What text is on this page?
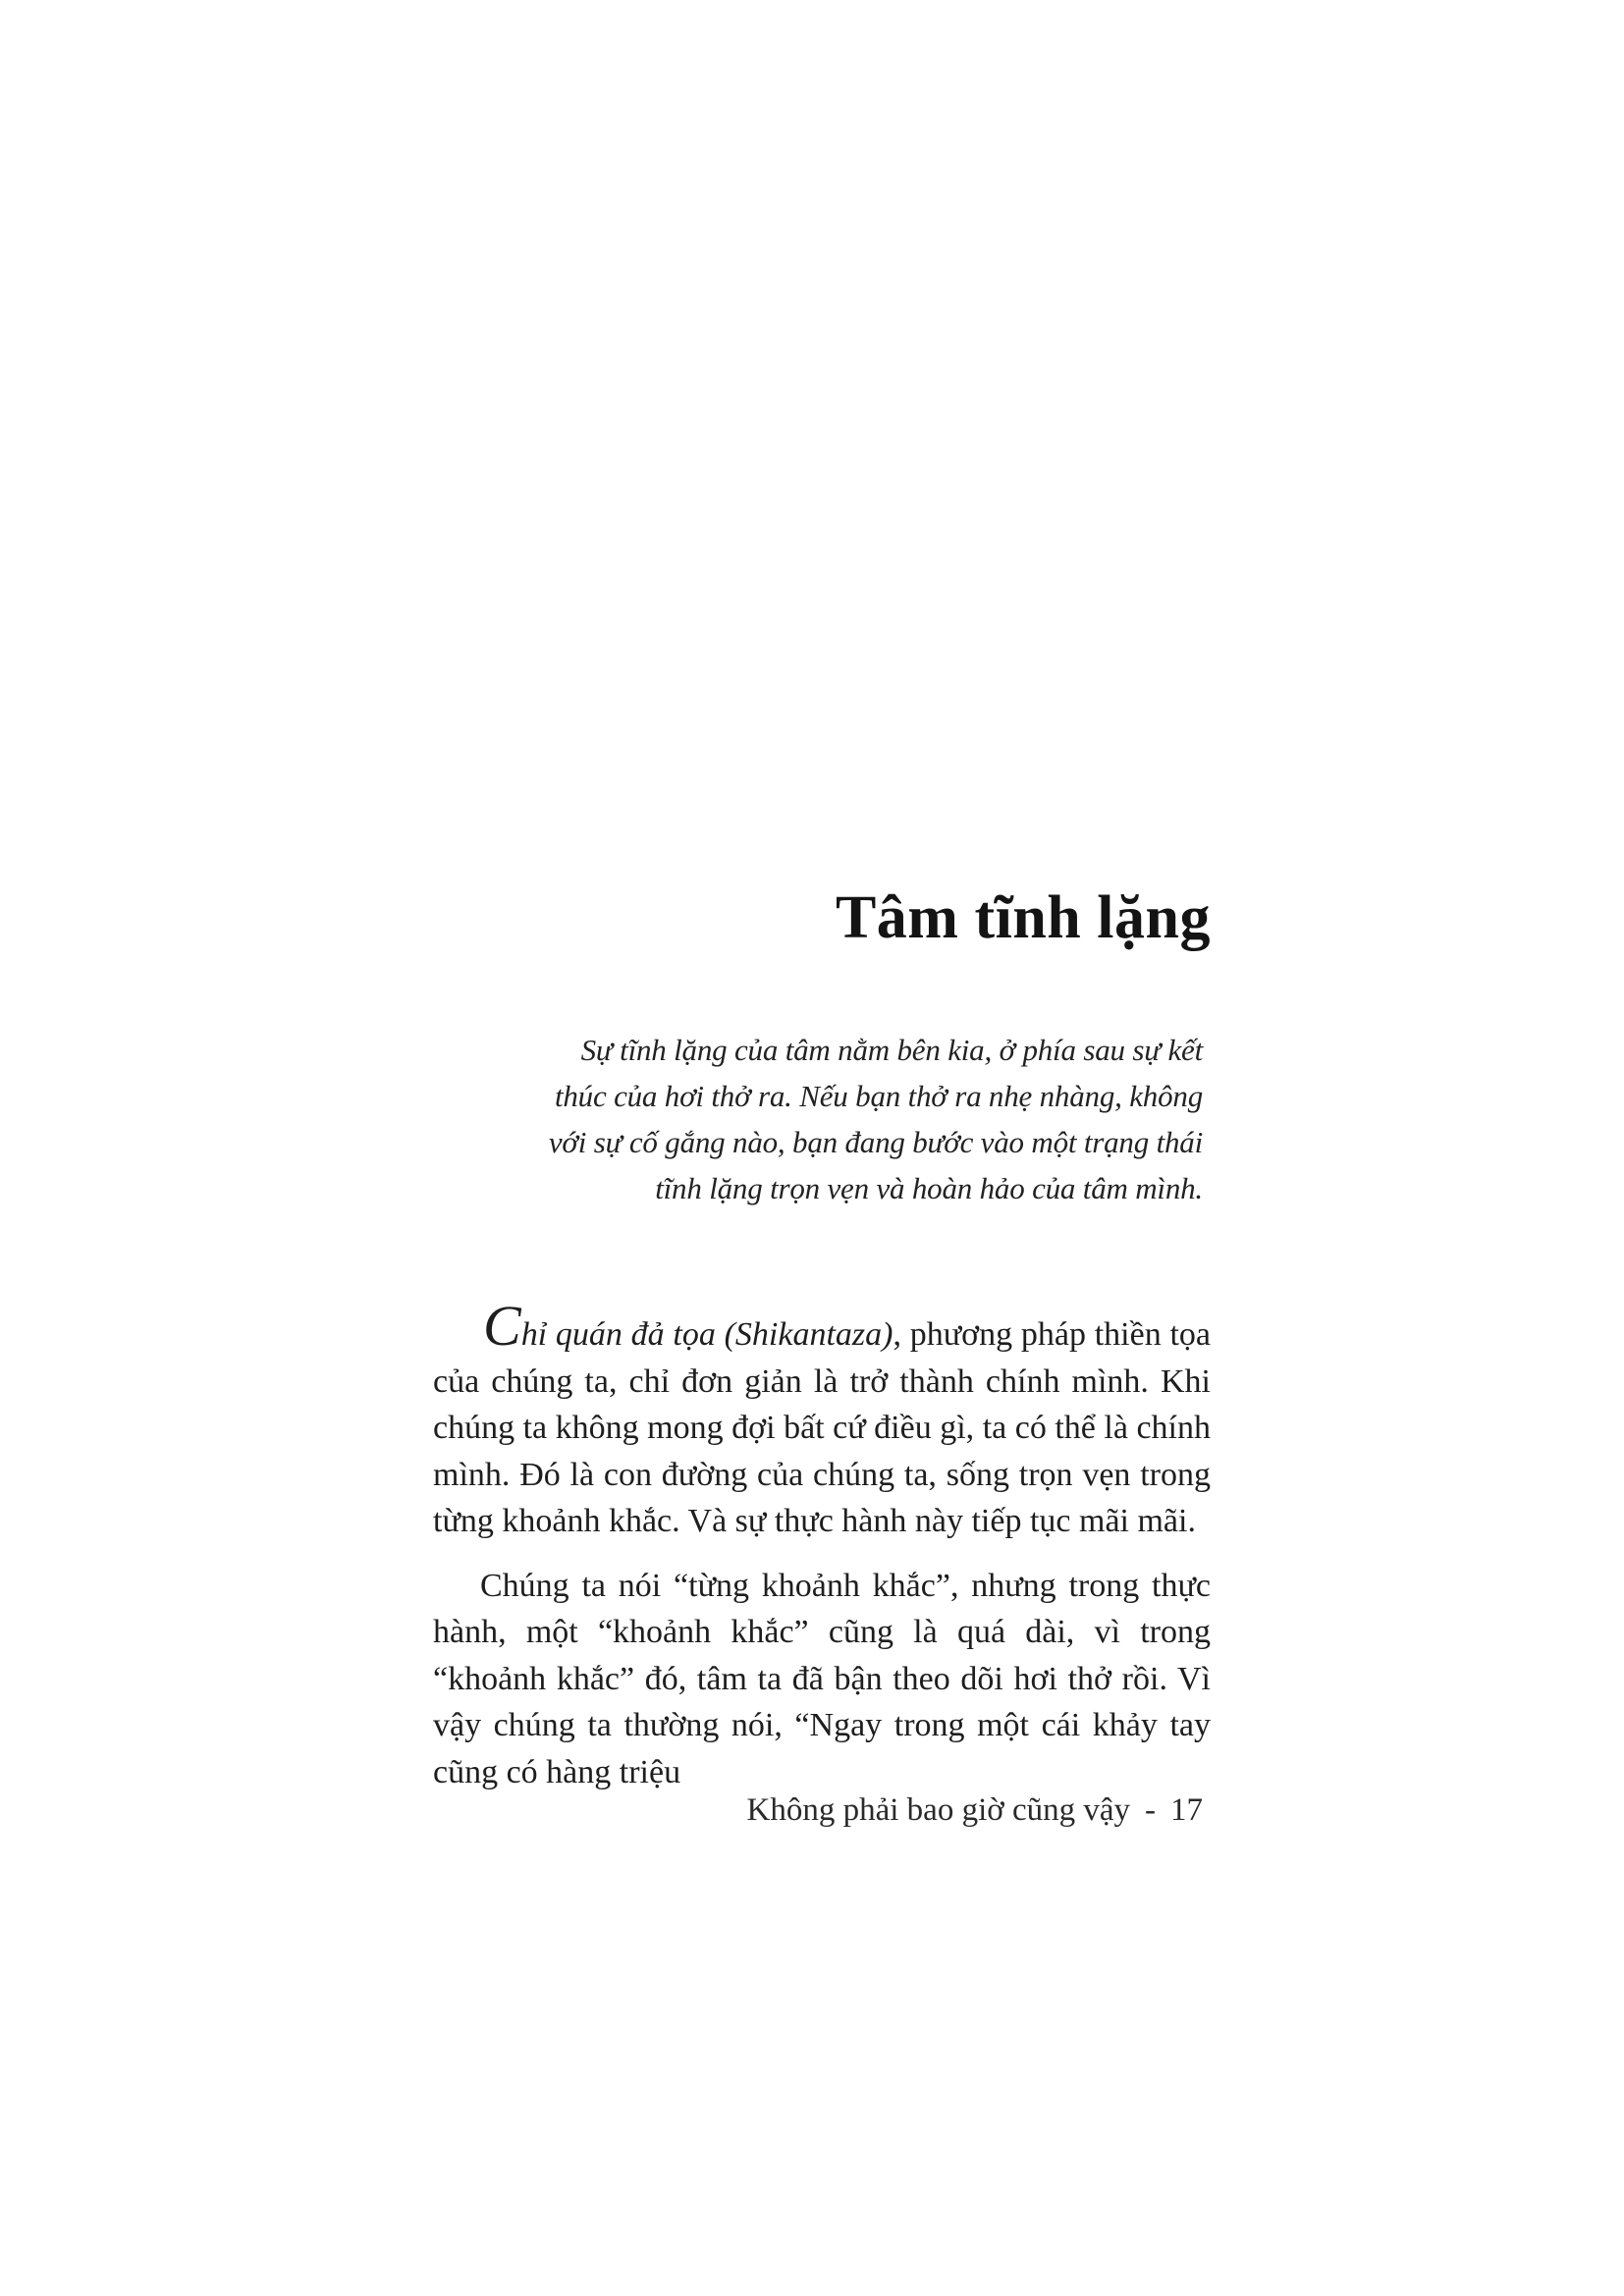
Tâm tĩnh lặng
Sự tĩnh lặng của tâm nằm bên kia, ở phía sau sự kết
thúc của hơi thở ra. Nếu bạn thở ra nhẹ nhàng, không
với sự cố gắng nào, bạn đang bước vào một trạng thái
tĩnh lặng trọn vẹn và hoàn hảo của tâm mình.

Chỉ quán đả tọa (Shikantaza), phương pháp thiền tọa của chúng ta, chỉ đơn giản là trở thành chính mình. Khi chúng ta không mong đợi bất cứ điều gì, ta có thể là chính mình. Đó là con đường của chúng ta, sống trọn vẹn trong từng khoảnh khắc. Và sự thực hành này tiếp tục mãi mãi.

Chúng ta nói “từng khoảnh khắc”, nhưng trong thực hành, một “khoảnh khắc” cũng là quá dài, vì trong “khoảnh khắc” đó, tâm ta đã bận theo dõi hơi thở rồi. Vì vậy chúng ta thường nói, “Ngay trong một cái khảy tay cũng có hàng triệu

Không phải bao giờ cũng vậy - 17
